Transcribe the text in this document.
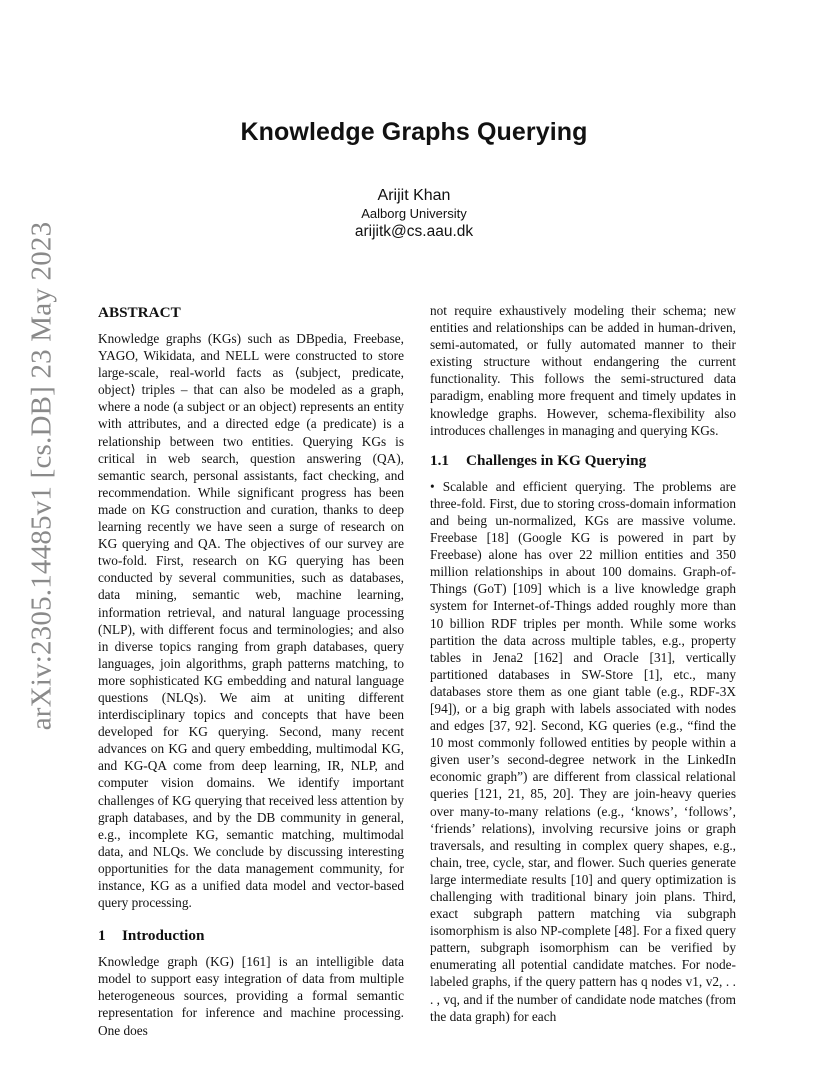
arXiv:2305.14485v1 [cs.DB] 23 May 2023
Knowledge Graphs Querying
Arijit Khan
Aalborg University
arijitk@cs.aau.dk
ABSTRACT

Knowledge graphs (KGs) such as DBpedia, Freebase, YAGO, Wikidata, and NELL were constructed to store large-scale, real-world facts as ⟨subject, predicate, object⟩ triples – that can also be modeled as a graph, where a node (a subject or an object) represents an entity with attributes, and a directed edge (a predicate) is a relationship between two entities. Querying KGs is critical in web search, question answering (QA), semantic search, personal assistants, fact checking, and recommendation. While significant progress has been made on KG construction and curation, thanks to deep learning recently we have seen a surge of research on KG querying and QA. The objectives of our survey are two-fold. First, research on KG querying has been conducted by several communities, such as databases, data mining, semantic web, machine learning, information retrieval, and natural language processing (NLP), with different focus and terminologies; and also in diverse topics ranging from graph databases, query languages, join algorithms, graph patterns matching, to more sophisticated KG embedding and natural language questions (NLQs). We aim at uniting different interdisciplinary topics and concepts that have been developed for KG querying. Second, many recent advances on KG and query embedding, multimodal KG, and KG-QA come from deep learning, IR, NLP, and computer vision domains. We identify important challenges of KG querying that received less attention by graph databases, and by the DB community in general, e.g., incomplete KG, semantic matching, multimodal data, and NLQs. We conclude by discussing interesting opportunities for the data management community, for instance, KG as a unified data model and vector-based query processing.

1 Introduction

Knowledge graph (KG) [161] is an intelligible data model to support easy integration of data from multiple heterogeneous sources, providing a formal semantic representation for inference and machine processing. One does

not require exhaustively modeling their schema; new entities and relationships can be added in human-driven, semi-automated, or fully automated manner to their existing structure without endangering the current functionality. This follows the semi-structured data paradigm, enabling more frequent and timely updates in knowledge graphs. However, schema-flexibility also introduces challenges in managing and querying KGs.

1.1 Challenges in KG Querying

• Scalable and efficient querying. The problems are three-fold. First, due to storing cross-domain information and being un-normalized, KGs are massive volume. Freebase [18] (Google KG is powered in part by Freebase) alone has over 22 million entities and 350 million relationships in about 100 domains. Graph-of-Things (GoT) [109] which is a live knowledge graph system for Internet-of-Things added roughly more than 10 billion RDF triples per month. While some works partition the data across multiple tables, e.g., property tables in Jena2 [162] and Oracle [31], vertically partitioned databases in SW-Store [1], etc., many databases store them as one giant table (e.g., RDF-3X [94]), or a big graph with labels associated with nodes and edges [37, 92]. Second, KG queries (e.g., “find the 10 most commonly followed entities by people within a given user’s second-degree network in the LinkedIn economic graph”) are different from classical relational queries [121, 21, 85, 20]. They are join-heavy queries over many-to-many relations (e.g., ‘knows’, ‘follows’, ‘friends’ relations), involving recursive joins or graph traversals, and resulting in complex query shapes, e.g., chain, tree, cycle, star, and flower. Such queries generate large intermediate results [10] and query optimization is challenging with traditional binary join plans. Third, exact subgraph pattern matching via subgraph isomorphism is also NP-complete [48]. For a fixed query pattern, subgraph isomorphism can be verified by enumerating all potential candidate matches. For node-labeled graphs, if the query pattern has q nodes v1, v2, . . . , vq, and if the number of candidate node matches (from the data graph) for each
